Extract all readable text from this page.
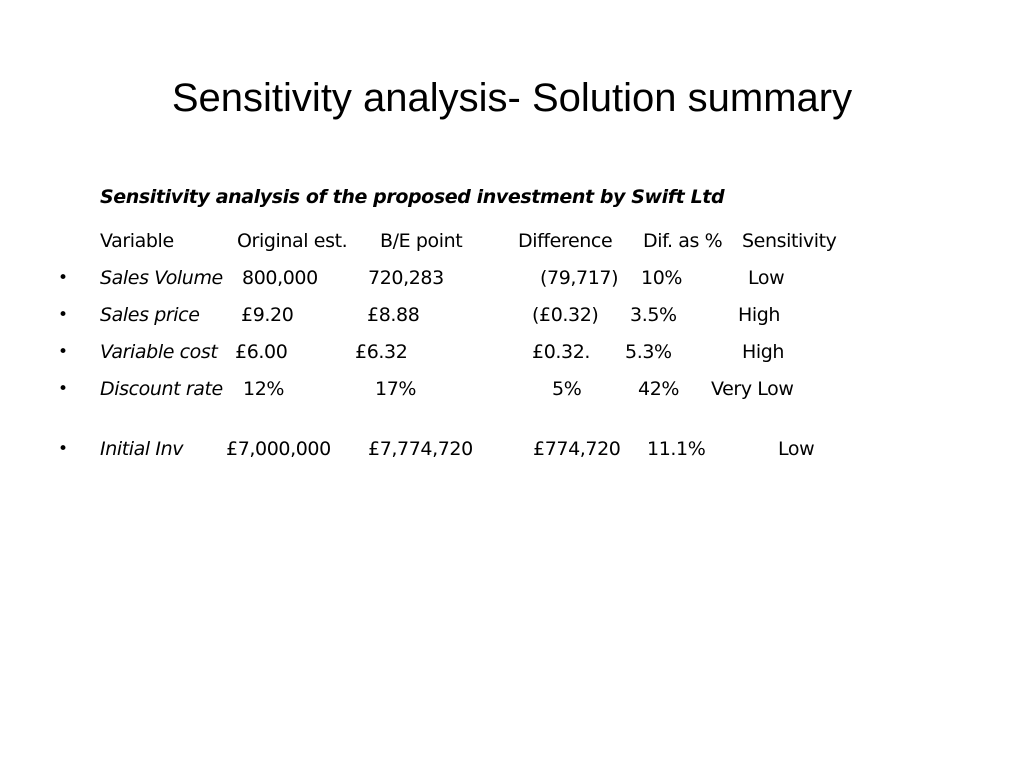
Sensitivity analysis- Solution summary
Sensitivity analysis of the proposed investment by Swift Ltd
Variable	Original est. B/E point	Difference Dif. as % Sensitivity
• Sales Volume 800,000	720,283	(79,717) 10%	Low
• Sales price £9.20	£8.88	(£0.32) 3.5%	High
• Variable cost £6.00	£6.32	£0.32. 5.3%	High
• Discount rate 12%	17%	5%	42% Very Low
• Initial Inv £7,000,000 £7,774,720	£774,720 11.1%	Low
